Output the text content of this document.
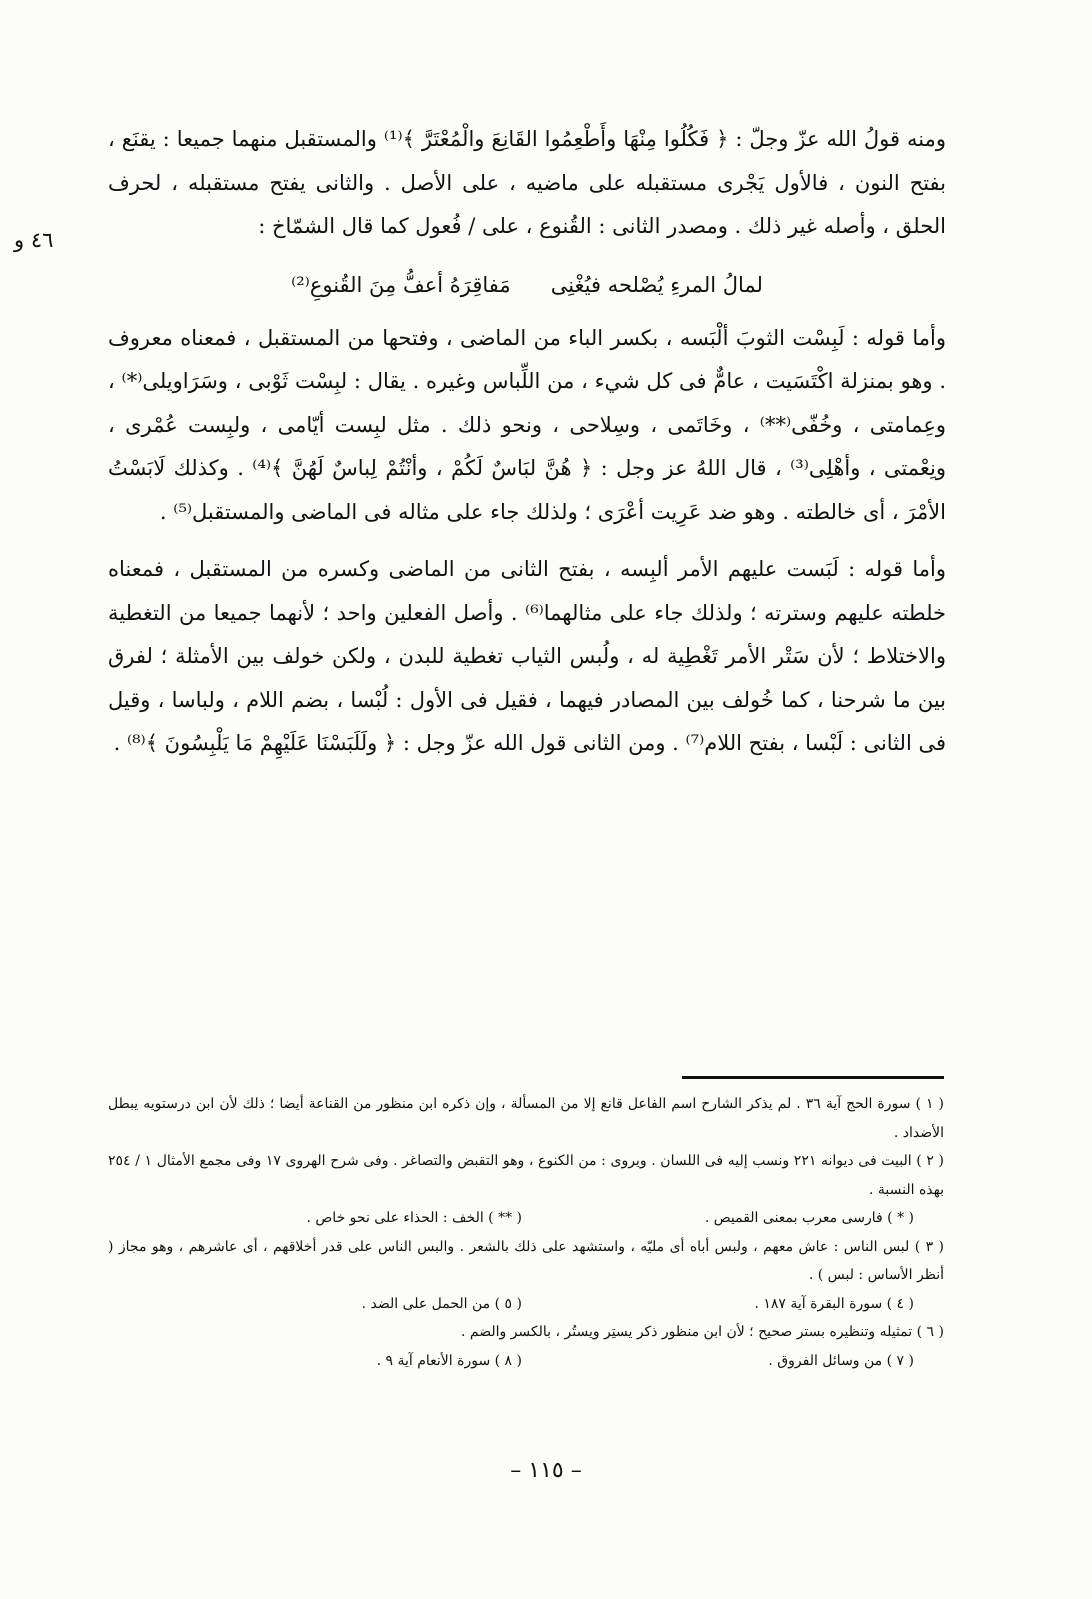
٤٦ و

ومنه قولُ الله عزّ وجلّ : ﴿ فَكُلُوا مِنْهَا وأَطْعِمُوا القَانِعَ والْمُعْتَرَّ ﴾⁽¹⁾ والمستقبل منهما جميعا : يقنَع ، بفتح النون ، فالأول يَجْرى مستقبله على ماضيه ، على الأصل . والثانى يفتح مستقبله ، لحرف الحلق ، وأصله غير ذلك . ومصدر الثانى : القُنوع ، على / فُعول كما قال الشمّاخ :

لمالُ المرءِ يُصْلحه فيُغْنِى      مَفاقِرَهُ أعفُّ مِنَ القُنوعِ⁽²⁾

وأما قوله : لَبِسْت الثوبَ ألْبَسه ، بكسر الباء من الماضى ، وفتحها من المستقبل ، فمعناه معروف . وهو بمنزلة اكْتَسَيت ، عامٌّ فى كل شيء ، من اللِّباس وغيره . يقال : لبِسْت ثَوْبى ، وسَرَاويلى⁽*⁾ ، وعِمامتى ، وخُفّى⁽**⁾ ، وخَاتَمى ، وسِلاحى ، ونحو ذلك . مثل لبِست أيّامى ، ولبِست عُمْرى ، ونِعْمتى ، وأهْلِى⁽³⁾ ، قال اللهُ عز وجل : ﴿ هُنَّ لبَاسٌ لَكُمْ ، وأنْتُمْ لِباسٌ لَهُنَّ ﴾⁽⁴⁾ . وكذلك لَابَسْتُ الأمْرَ ، أى خالطته . وهو ضد عَرِيت أعْرَى ؛ ولذلك جاء على مثاله فى الماضى والمستقبل⁽⁵⁾ .

وأما قوله : لَبَست عليهم الأمر ألبِسه ، بفتح الثانى من الماضى وكسره من المستقبل ، فمعناه خلطته عليهم وسترته ؛ ولذلك جاء على مثالهما⁽⁶⁾ . وأصل الفعلين واحد ؛ لأنهما جميعا من التغطية والاختلاط ؛ لأن سَتْر الأمر تَغْطِية له ، ولُبس الثياب تغطية للبدن ، ولكن خولف بين الأمثلة ؛ لفرق بين ما شرحنا ، كما خُولف بين المصادر فيهما ، فقيل فى الأول : لُبْسا ، بضم اللام ، ولباسا ، وقيل فى الثانى : لَبْسا ، بفتح اللام⁽⁷⁾ . ومن الثانى قول الله عزّ وجل : ﴿ ولَلَبَسْنَا عَلَيْهِمْ مَا يَلْبِسُونَ ﴾⁽⁸⁾ .

( ١ ) سورة الحج آية ٣٦ . لم يذكر الشارح اسم الفاعل قانع إلا من المسألة ، وإن ذكره ابن منظور من القناعة أيضا ؛ ذلك لأن ابن درستويه يبطل الأضداد .

( ٢ ) البيت فى ديوانه ٢٢١ ونسب إليه فى اللسان . ويروى : من الكنوع ، وهو التقبض والتصاغر . وفى شرح الهروى ١٧ وفى مجمع الأمثال ١ / ٢٥٤ بهذه النسبة .

( * ) فارسى معرب بمعنى القميص .
( ** ) الخف : الحذاء على نحو خاص .

( ٣ ) لبس الناس : عاش معهم ، ولبس أباه أى مليّه ، واستشهد على ذلك بالشعر . والبس الناس على قدر أخلاقهم ، أى عاشرهم ، وهو مجاز ( أنظر الأساس : لبس ) .

( ٤ ) سورة البقرة آية ١٨٧ .
( ٥ ) من الحمل على الضد .

( ٦ ) تمثيله وتنظيره بستر صحيح ؛ لأن ابن منظور ذكر يستِر ويستُر ، بالكسر والضم .

( ٧ ) من وسائل الفروق .
( ٨ ) سورة الأنعام آية ٩ .
– ١١٥ –
